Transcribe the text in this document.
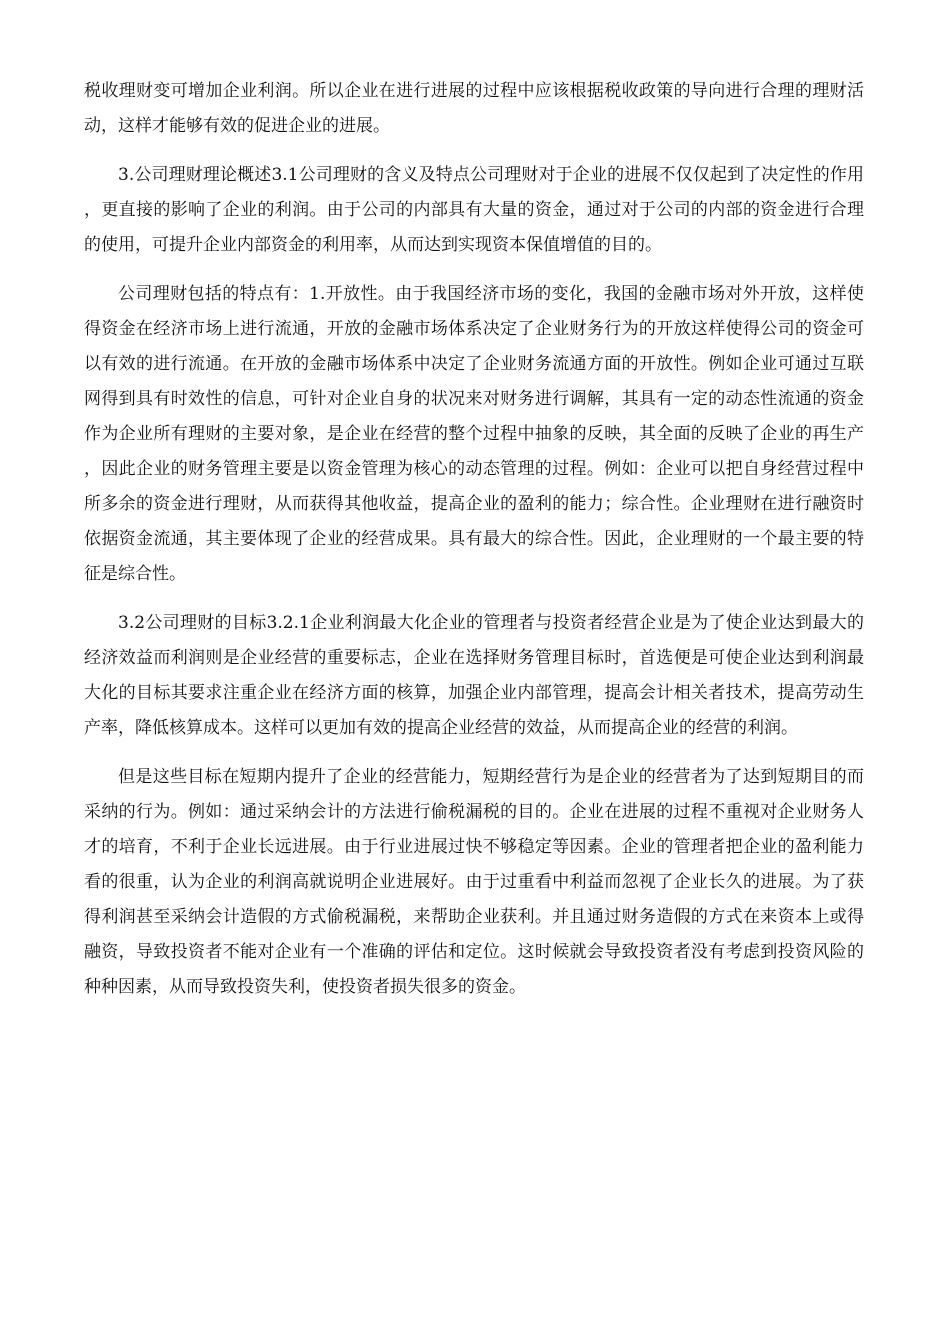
税收理财变可增加企业利润。所以企业在进行进展的过程中应该根据税收政策的导向进行合理的理财活动，这样才能够有效的促进企业的进展。

3.公司理财理论概述3.1公司理财的含义及特点公司理财对于企业的进展不仅仅起到了决定性的作用，更直接的影响了企业的利润。由于公司的内部具有大量的资金，通过对于公司的内部的资金进行合理的使用，可提升企业内部资金的利用率，从而达到实现资本保值增值的目的。

公司理财包括的特点有：1.开放性。由于我国经济市场的变化，我国的金融市场对外开放，这样使得资金在经济市场上进行流通，开放的金融市场体系决定了企业财务行为的开放这样使得公司的资金可以有效的进行流通。在开放的金融市场体系中决定了企业财务流通方面的开放性。例如企业可通过互联网得到具有时效性的信息，可针对企业自身的状况来对财务进行调解，其具有一定的动态性流通的资金作为企业所有理财的主要对象，是企业在经营的整个过程中抽象的反映，其全面的反映了企业的再生产，因此企业的财务管理主要是以资金管理为核心的动态管理的过程。例如：企业可以把自身经营过程中所多余的资金进行理财，从而获得其他收益，提高企业的盈利的能力；综合性。企业理财在进行融资时依据资金流通，其主要体现了企业的经营成果。具有最大的综合性。因此，企业理财的一个最主要的特征是综合性。

3.2公司理财的目标3.2.1企业利润最大化企业的管理者与投资者经营企业是为了使企业达到最大的经济效益而利润则是企业经营的重要标志，企业在选择财务管理目标时，首选便是可使企业达到利润最大化的目标其要求注重企业在经济方面的核算，加强企业内部管理，提高会计相关者技术，提高劳动生产率，降低核算成本。这样可以更加有效的提高企业经营的效益，从而提高企业的经营的利润。

但是这些目标在短期内提升了企业的经营能力，短期经营行为是企业的经营者为了达到短期目的而采纳的行为。例如：通过采纳会计的方法进行偷税漏税的目的。企业在进展的过程不重视对企业财务人才的培育，不利于企业长远进展。由于行业进展过快不够稳定等因素。企业的管理者把企业的盈利能力看的很重，认为企业的利润高就说明企业进展好。由于过重看中利益而忽视了企业长久的进展。为了获得利润甚至采纳会计造假的方式偷税漏税，来帮助企业获利。并且通过财务造假的方式在来资本上或得融资，导致投资者不能对企业有一个准确的评估和定位。这时候就会导致投资者没有考虑到投资风险的种种因素，从而导致投资失利，使投资者损失很多的资金。
